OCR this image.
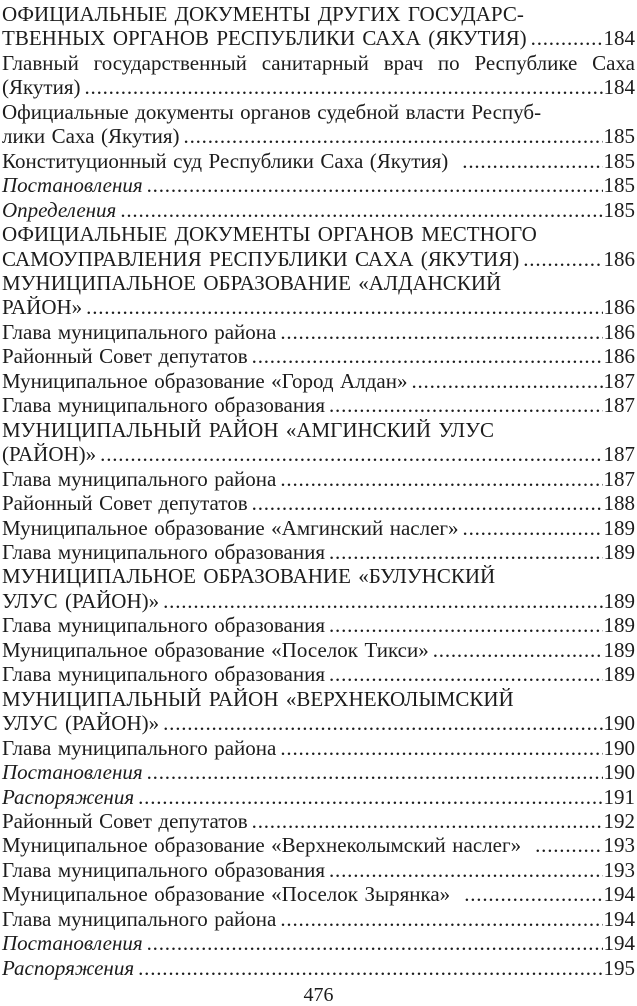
ОФИЦИАЛЬНЫЕ ДОКУМЕНТЫ ДРУГИХ ГОСУДАРС-
ТВЕННЫХ ОРГАНОВ РЕСПУБЛИКИ САХА (ЯКУТИЯ) .....	184
Главный государственный санитарный врач по Республике Саха
(Якутия) .....	184
Официальные документы органов судебной власти Респуб-
лики Саха (Якутия) .....	185
Конституционный суд Республики Саха (Якутия) .....	185
Постановления .....	185
Определения .....	185
ОФИЦИАЛЬНЫЕ ДОКУМЕНТЫ ОРГАНОВ МЕСТНОГО
САМОУПРАВЛЕНИЯ РЕСПУБЛИКИ САХА (ЯКУТИЯ) .....	186
МУНИЦИПАЛЬНОЕ ОБРАЗОВАНИЕ «АЛДАНСКИЙ
РАЙОН» .....	186
Глава муниципального района .....	186
Районный Совет депутатов .....	186
Муниципальное образование «Город Алдан» .....	187
Глава муниципального образования .....	187
МУНИЦИПАЛЬНЫЙ РАЙОН «АМГИНСКИЙ УЛУС
(РАЙОН)» .....	187
Глава муниципального района .....	187
Районный Совет депутатов .....	188
Муниципальное образование «Амгинский наслег» .....	189
Глава муниципального образования .....	189
МУНИЦИПАЛЬНОЕ ОБРАЗОВАНИЕ «БУЛУНСКИЙ
УЛУС (РАЙОН)» .....	189
Глава муниципального образования .....	189
Муниципальное образование «Поселок Тикси» .....	189
Глава муниципального образования .....	189
МУНИЦИПАЛЬНЫЙ РАЙОН «ВЕРХНЕКОЛЫМСКИЙ
УЛУС (РАЙОН)» .....	190
Глава муниципального района .....	190
Постановления .....	190
Распоряжения .....	191
Районный Совет депутатов .....	192
Муниципальное образование «Верхнеколымский наслег» .....	193
Глава муниципального образования .....	193
Муниципальное образование «Поселок Зырянка» .....	194
Глава муниципального района .....	194
Постановления .....	194
Распоряжения .....	195
476
